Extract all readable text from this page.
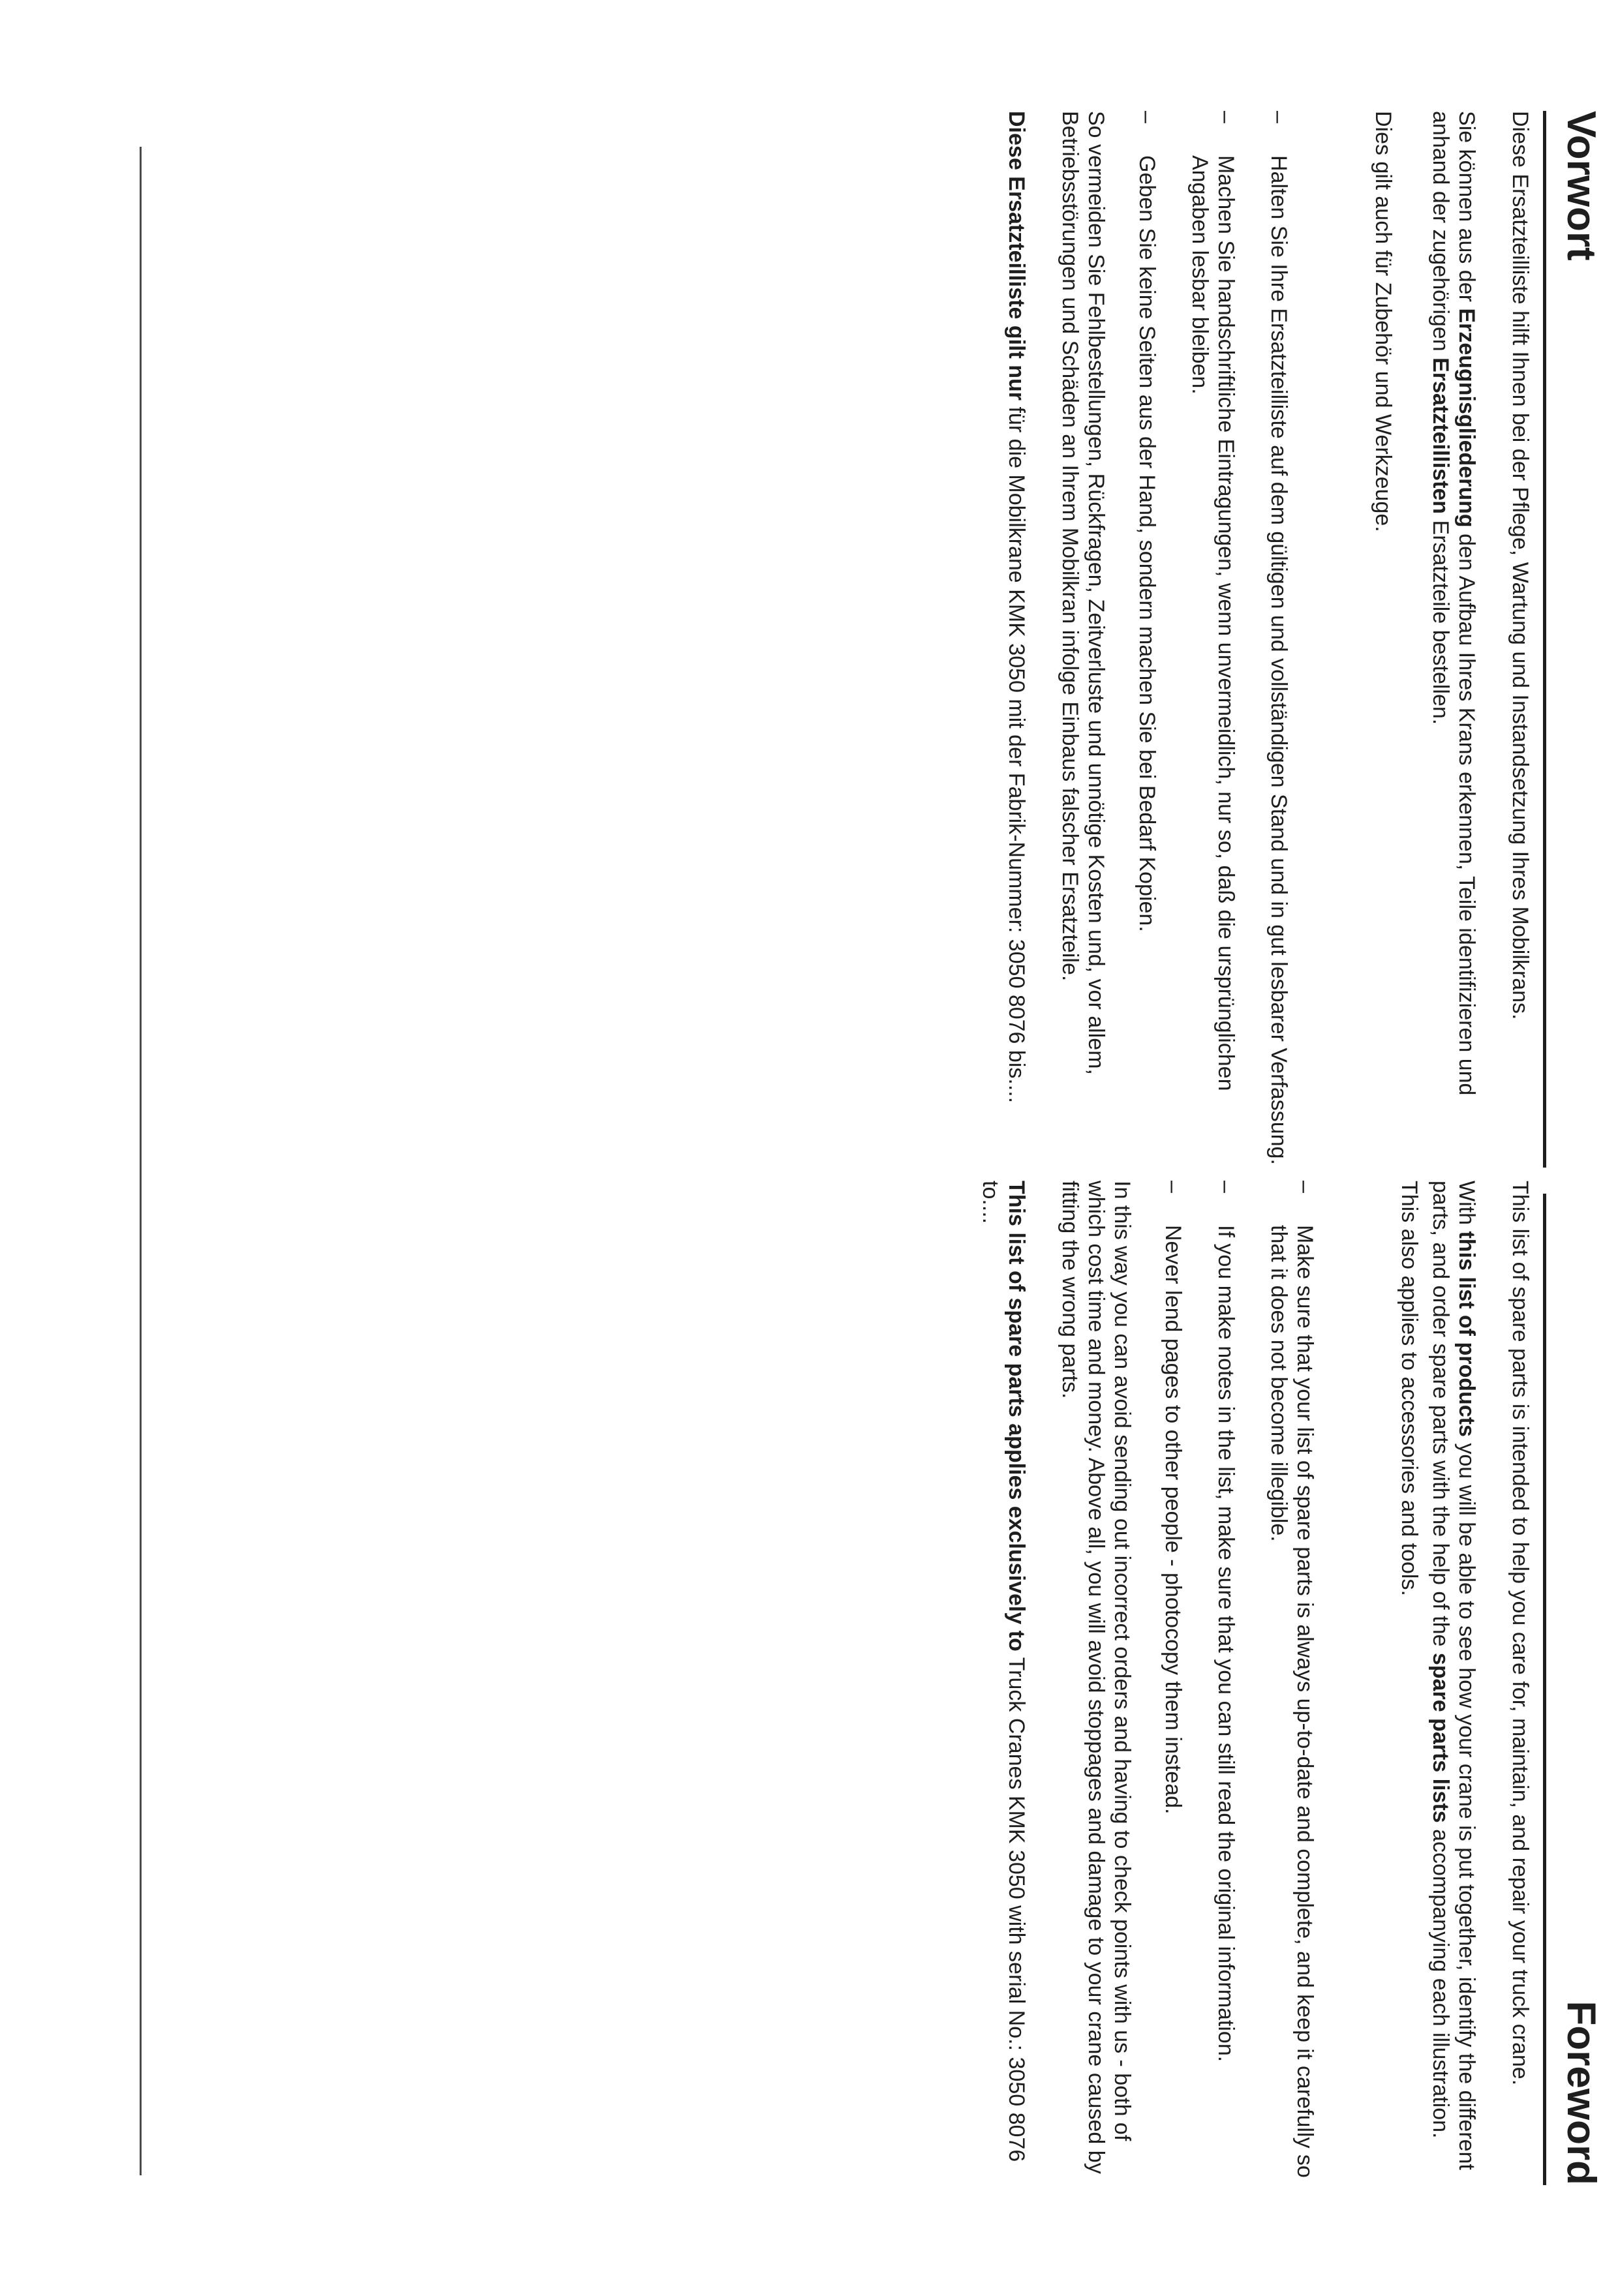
Vorwort

Diese Ersatzteilliste hilft Ihnen bei der Pflege, Wartung und Instandsetzung Ihres Mobilkrans.

Sie können aus der Erzeugnisgliederung den Aufbau Ihres Krans erkennen, Teile identifizieren und anhand der zugehörigen Ersatzteillisten Ersatzteile bestellen.

Dies gilt auch für Zubehör und Werkzeuge.

–
Halten Sie Ihre Ersatzteilliste auf dem gültigen und vollständigen Stand und in gut lesbarer Verfassung.
–
Machen Sie handschriftliche Eintragungen, wenn unvermeidlich, nur so, daß die ursprünglichen Angaben lesbar bleiben.
–
Geben Sie keine Seiten aus der Hand, sondern machen Sie bei Bedarf Kopien.

So vermeiden Sie Fehlbestellungen, Rückfragen, Zeitverluste und unnötige Kosten und, vor allem, Betriebsstörungen und Schäden an Ihrem Mobilkran infolge Einbaus falscher Ersatzteile.

Diese Ersatzteilliste gilt nur für die Mobilkrane KMK 3050 mit der Fabrik-Nummer: 3050 8076 bis....

Foreword

This list of spare parts is intended to help you care for, maintain, and repair your truck crane.

With this list of products you will be able to see how your crane is put together, identify the different parts, and order spare parts with the help of the spare parts lists accompanying each illustration.

This also applies to accessories and tools.

–
Make sure that your list of spare parts is always up-to-date and complete, and keep it carefully so that it does not become illegible.
–
If you make notes in the list, make sure that you can still read the original information.
–
Never lend pages to other people - photocopy them instead.

In this way you can avoid sending out incorrect orders and having to check points with us - both of which cost time and money. Above all, you will avoid stoppages and damage to your crane caused by fitting the wrong parts.

This list of spare parts applies exclusively to Truck Cranes KMK 3050 with serial No.: 3050 8076 to....
